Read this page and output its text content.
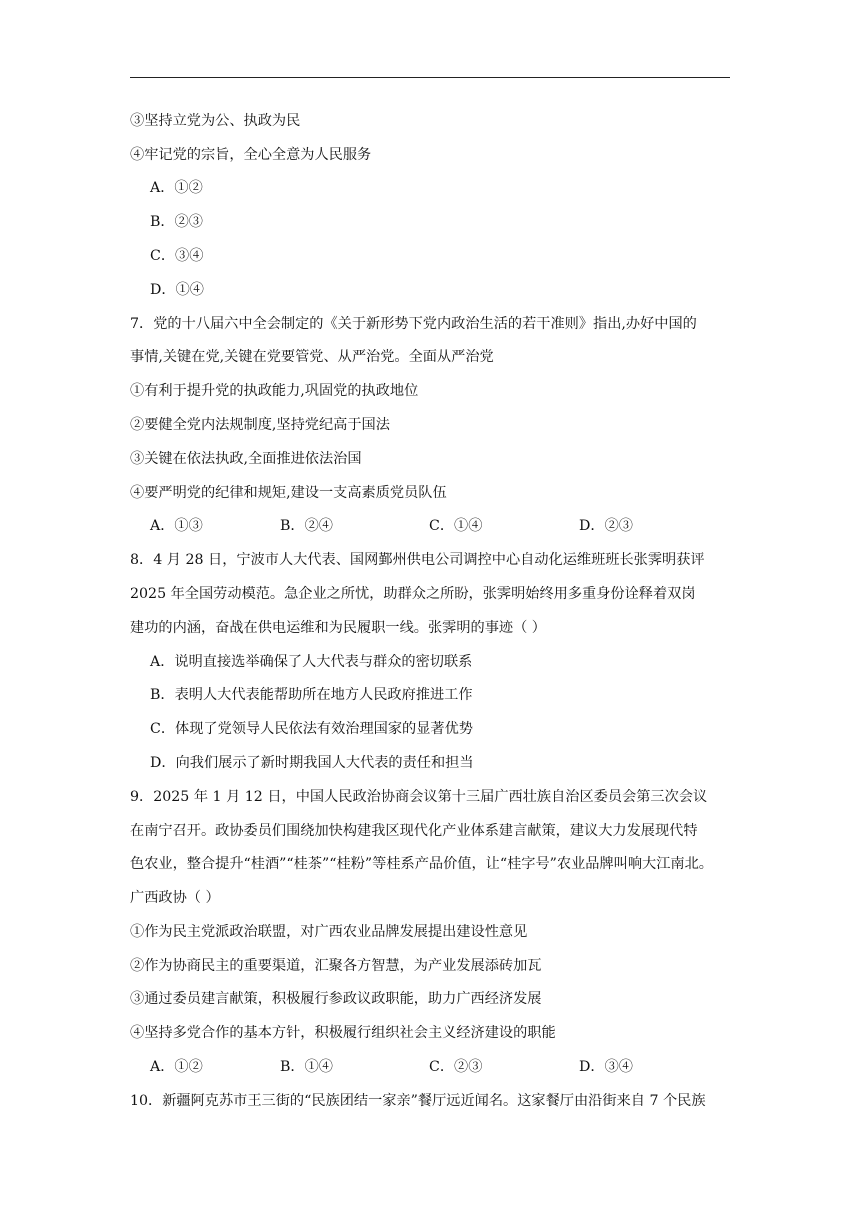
③坚持立党为公、执政为民
④牢记党的宗旨，全心全意为人民服务
A．①②
B．②③
C．③④
D．①④
7．党的十八届六中全会制定的《关于新形势下党内政治生活的若干准则》指出,办好中国的
事情,关键在党,关键在党要管党、从严治党。全面从严治党
①有利于提升党的执政能力,巩固党的执政地位
②要健全党内法规制度,坚持党纪高于国法
③关键在依法执政,全面推进依法治国
④要严明党的纪律和规矩,建设一支高素质党员队伍
A．①③	B．②④	C．①④	D．②③
8．4 月 28 日，宁波市人大代表、国网鄞州供电公司调控中心自动化运维班班长张霁明获评
2025 年全国劳动模范。急企业之所忧，助群众之所盼，张霁明始终用多重身份诠释着双岗
建功的内涵，奋战在供电运维和为民履职一线。张霁明的事迹（ ）
A．说明直接选举确保了人大代表与群众的密切联系
B．表明人大代表能帮助所在地方人民政府推进工作
C．体现了党领导人民依法有效治理国家的显著优势
D．向我们展示了新时期我国人大代表的责任和担当
9．2025 年 1 月 12 日，中国人民政治协商会议第十三届广西壮族自治区委员会第三次会议
在南宁召开。政协委员们围绕加快构建我区现代化产业体系建言献策，建议大力发展现代特
色农业，整合提升“桂酒”“桂茶”“桂粉”等桂系产品价值，让“桂字号”农业品牌叫响大江南北。
广西政协（ ）
①作为民主党派政治联盟，对广西农业品牌发展提出建设性意见
②作为协商民主的重要渠道，汇聚各方智慧，为产业发展添砖加瓦
③通过委员建言献策，积极履行参政议政职能，助力广西经济发展
④坚持多党合作的基本方针，积极履行组织社会主义经济建设的职能
A．①②	B．①④	C．②③	D．③④
10．新疆阿克苏市王三街的“民族团结一家亲”餐厅远近闻名。这家餐厅由沿街来自 7 个民族
